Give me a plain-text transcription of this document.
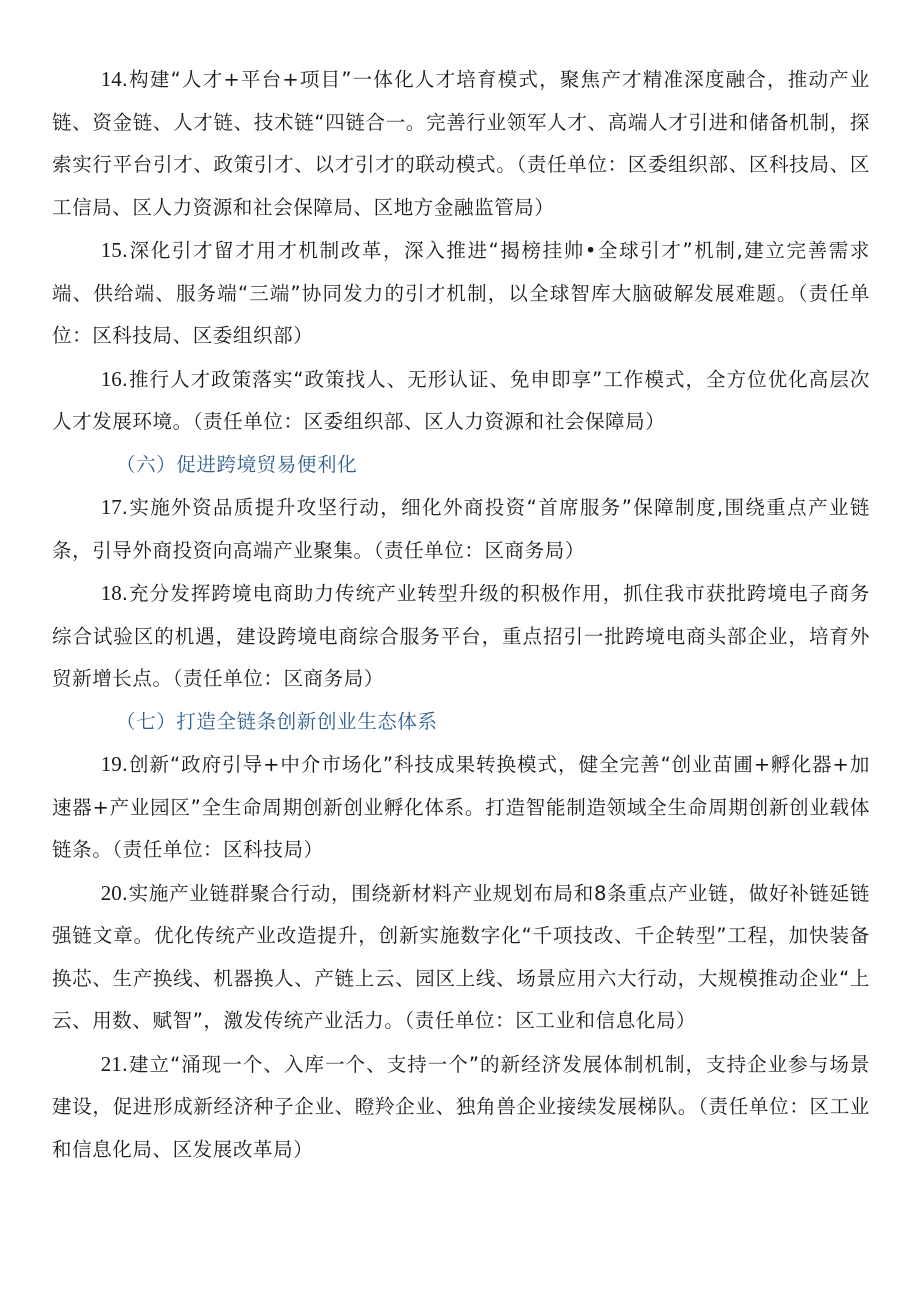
14.构建“人才+平台+项目”一体化人才培育模式，聚焦产才精准深度融合，推动产业链、资金链、人才链、技术链“四链合一。完善行业领军人才、高端人才引进和储备机制，探索实行平台引才、政策引才、以才引才的联动模式。（责任单位：区委组织部、区科技局、区工信局、区人力资源和社会保障局、区地方金融监管局）

15.深化引才留才用才机制改革，深入推进“揭榜挂帅•全球引才”机制,建立完善需求端、供给端、服务端“三端”协同发力的引才机制，以全球智库大脑破解发展难题。（责任单位：区科技局、区委组织部）

16.推行人才政策落实“政策找人、无形认证、免申即享”工作模式，全方位优化高层次人才发展环境。（责任单位：区委组织部、区人力资源和社会保障局）

（六）促进跨境贸易便利化

17.实施外资品质提升攻坚行动，细化外商投资“首席服务”保障制度,围绕重点产业链条，引导外商投资向高端产业聚集。（责任单位：区商务局）

18.充分发挥跨境电商助力传统产业转型升级的积极作用，抓住我市获批跨境电子商务综合试验区的机遇，建设跨境电商综合服务平台，重点招引一批跨境电商头部企业，培育外贸新增长点。（责任单位：区商务局）

（七）打造全链条创新创业生态体系

19.创新“政府引导+中介市场化”科技成果转换模式，健全完善“创业苗圃+孵化器+加速器+产业园区”全生命周期创新创业孵化体系。打造智能制造领域全生命周期创新创业载体链条。（责任单位：区科技局）

20.实施产业链群聚合行动，围绕新材料产业规划布局和8条重点产业链，做好补链延链强链文章。优化传统产业改造提升，创新实施数字化“千项技改、千企转型”工程，加快装备换芯、生产换线、机器换人、产链上云、园区上线、场景应用六大行动，大规模推动企业“上云、用数、赋智”，激发传统产业活力。（责任单位：区工业和信息化局）

21.建立“涌现一个、入库一个、支持一个”的新经济发展体制机制，支持企业参与场景建设，促进形成新经济种子企业、瞪羚企业、独角兽企业接续发展梯队。（责任单位：区工业和信息化局、区发展改革局）
